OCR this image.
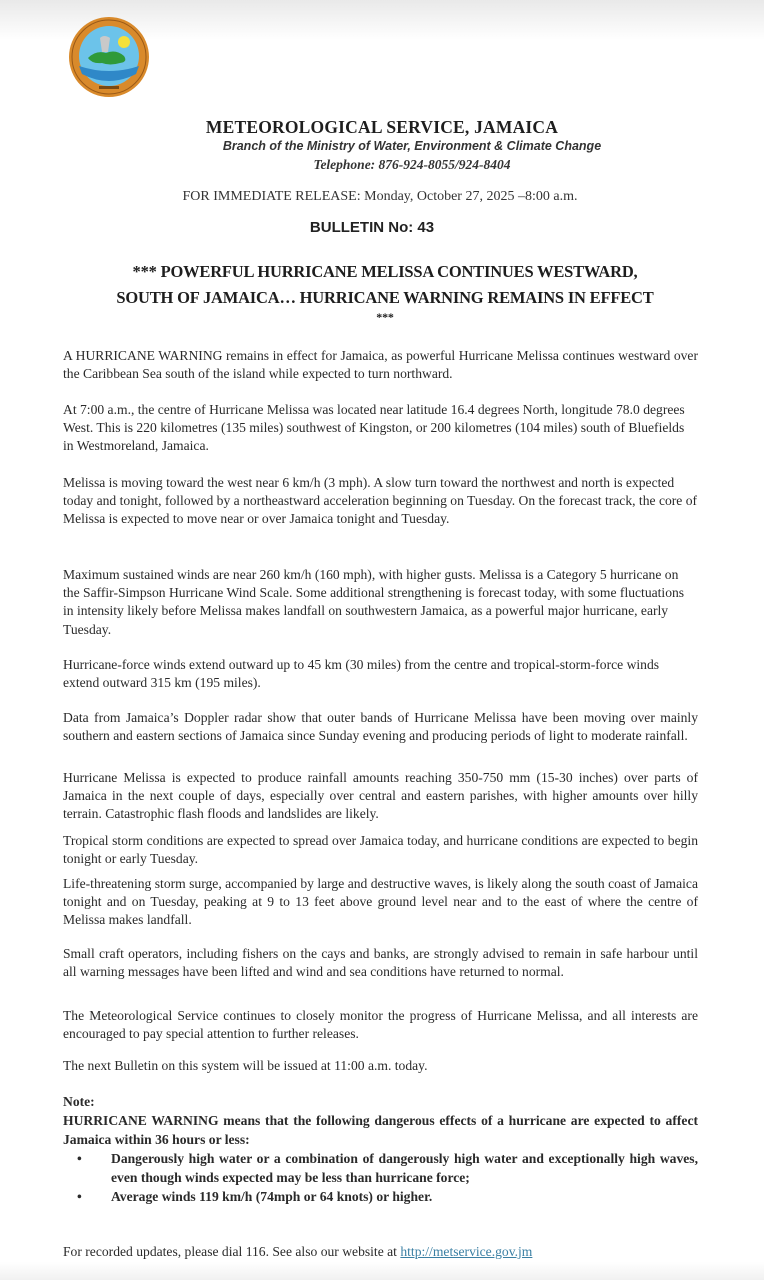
METEOROLOGICAL SERVICE, JAMAICA
Branch of the Ministry of Water, Environment & Climate Change
Telephone: 876-924-8055/924-8404
FOR IMMEDIATE RELEASE: Monday, October 27, 2025 –8:00 a.m.
BULLETIN No: 43
*** POWERFUL HURRICANE MELISSA CONTINUES WESTWARD,
SOUTH OF JAMAICA… HURRICANE WARNING REMAINS IN EFFECT
***

A HURRICANE WARNING remains in effect for Jamaica, as powerful Hurricane Melissa continues westward over the Caribbean Sea south of the island while expected to turn northward.

At 7:00 a.m., the centre of Hurricane Melissa was located near latitude 16.4 degrees North, longitude 78.0 degrees West. This is 220 kilometres (135 miles) southwest of Kingston, or 200 kilometres (104 miles) south of Bluefields in Westmoreland, Jamaica.

Melissa is moving toward the west near 6 km/h (3 mph). A slow turn toward the northwest and north is expected today and tonight, followed by a northeastward acceleration beginning on Tuesday. On the forecast track, the core of Melissa is expected to move near or over Jamaica tonight and Tuesday.

Maximum sustained winds are near 260 km/h (160 mph), with higher gusts. Melissa is a Category 5 hurricane on the Saffir-Simpson Hurricane Wind Scale. Some additional strengthening is forecast today, with some fluctuations in intensity likely before Melissa makes landfall on southwestern Jamaica, as a powerful major hurricane, early Tuesday.

Hurricane-force winds extend outward up to 45 km (30 miles) from the centre and tropical-storm-force winds extend outward 315 km (195 miles).

Data from Jamaica’s Doppler radar show that outer bands of Hurricane Melissa have been moving over mainly southern and eastern sections of Jamaica since Sunday evening and producing periods of light to moderate rainfall.

Hurricane Melissa is expected to produce rainfall amounts reaching 350-750 mm (15-30 inches) over parts of Jamaica in the next couple of days, especially over central and eastern parishes, with higher amounts over hilly terrain. Catastrophic flash floods and landslides are likely.

Tropical storm conditions are expected to spread over Jamaica today, and hurricane conditions are expected to begin tonight or early Tuesday.

Life-threatening storm surge, accompanied by large and destructive waves, is likely along the south coast of Jamaica tonight and on Tuesday, peaking at 9 to 13 feet above ground level near and to the east of where the centre of Melissa makes landfall.

Small craft operators, including fishers on the cays and banks, are strongly advised to remain in safe harbour until all warning messages have been lifted and wind and sea conditions have returned to normal.

The Meteorological Service continues to closely monitor the progress of Hurricane Melissa, and all interests are encouraged to pay special attention to further releases.

The next Bulletin on this system will be issued at 11:00 a.m. today.

Note:

HURRICANE WARNING means that the following dangerous effects of a hurricane are expected to affect Jamaica within 36 hours or less:

• Dangerously high water or a combination of dangerously high water and exceptionally high waves, even though winds expected may be less than hurricane force;
• Average winds 119 km/h (74mph or 64 knots) or higher.
For recorded updates, please dial 116. See also our website at http://metservice.gov.jm
